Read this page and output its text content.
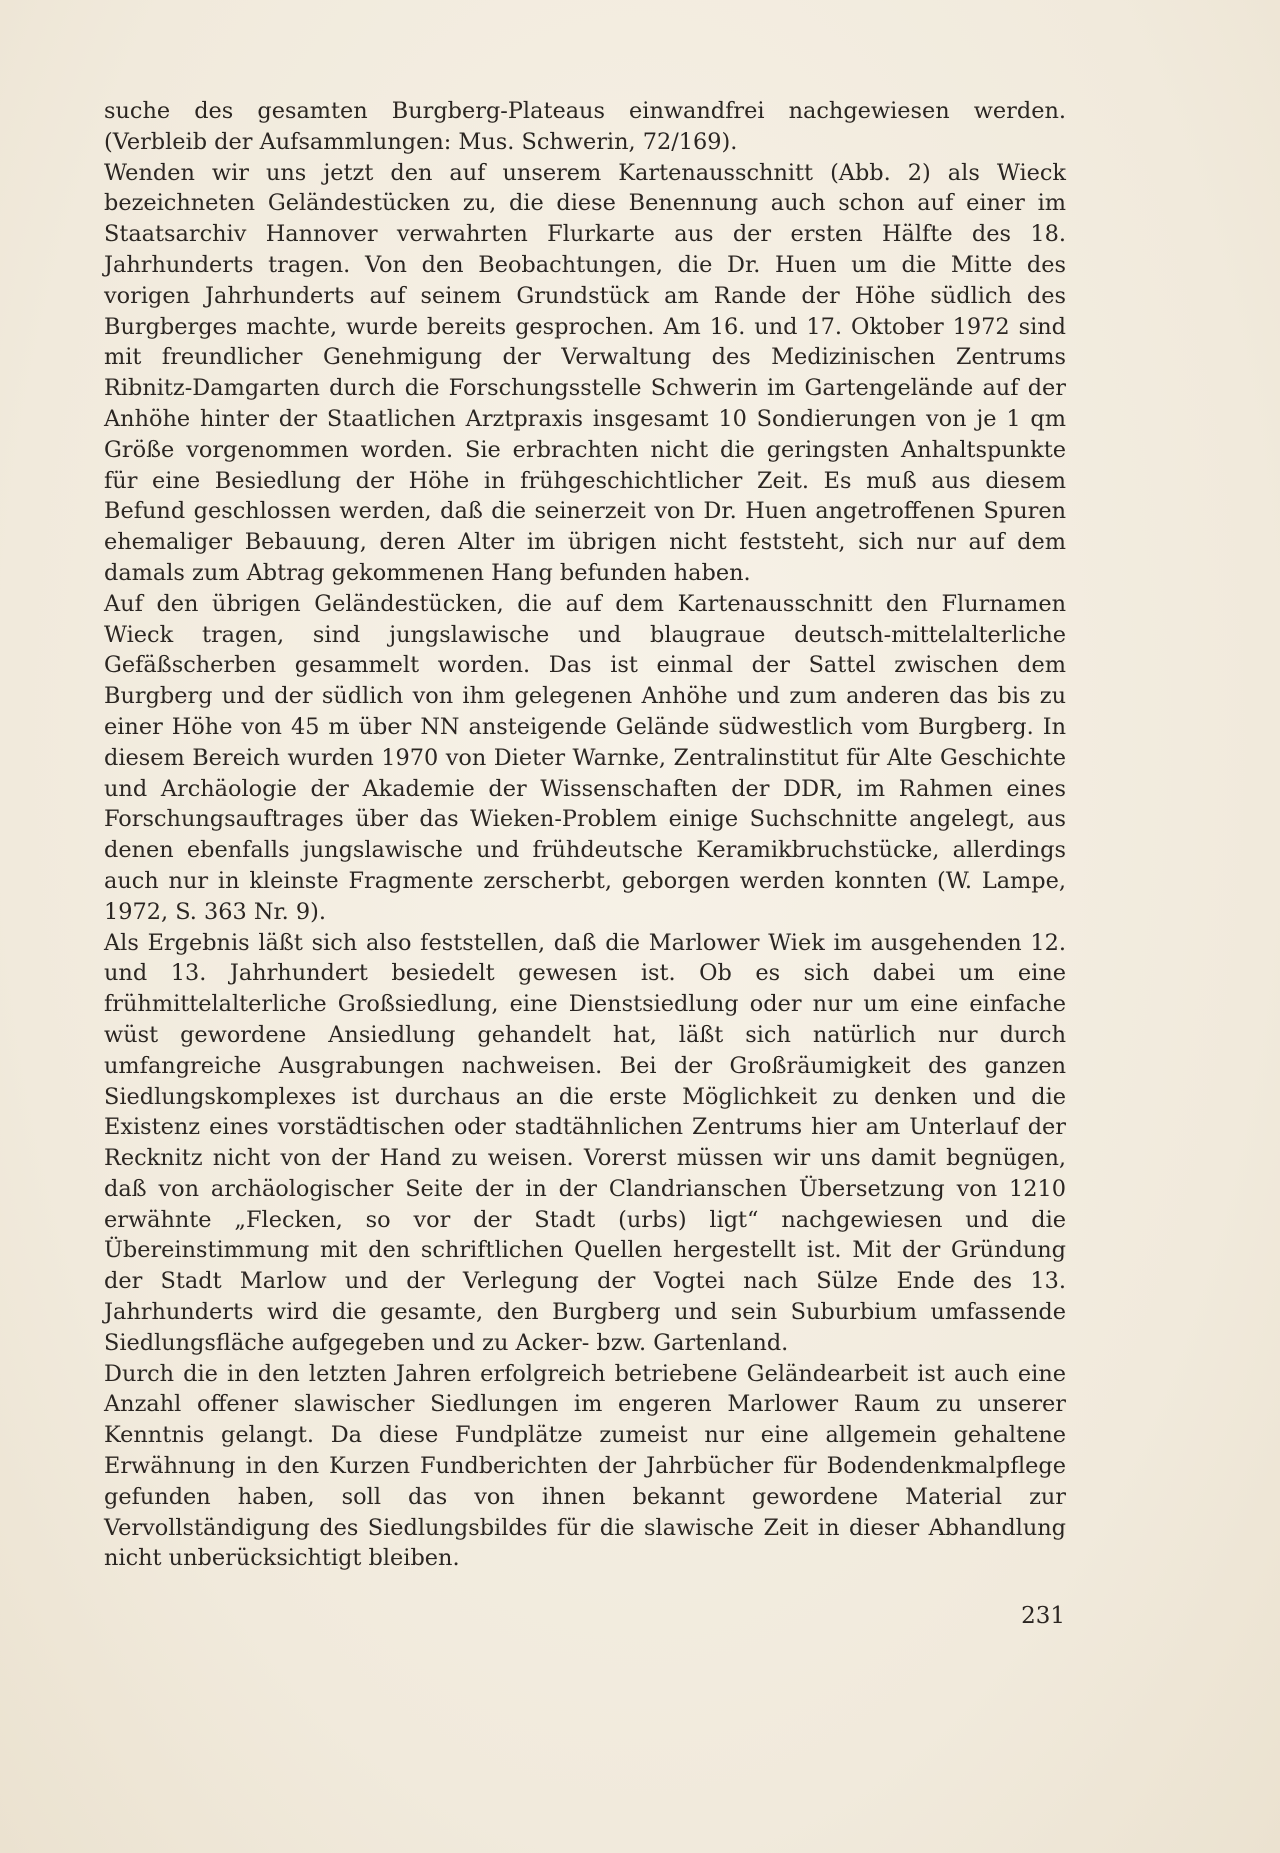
suche des gesamten Burgberg-Plateaus einwandfrei nachgewiesen werden. (Verbleib der Aufsammlungen: Mus. Schwerin, 72/169).

Wenden wir uns jetzt den auf unserem Kartenausschnitt (Abb. 2) als Wieck bezeichneten Geländestücken zu, die diese Benennung auch schon auf einer im Staatsarchiv Hannover verwahrten Flurkarte aus der ersten Hälfte des 18. Jahrhunderts tragen. Von den Beobachtungen, die Dr. Huen um die Mitte des vorigen Jahrhunderts auf seinem Grundstück am Rande der Höhe südlich des Burgberges machte, wurde bereits gesprochen. Am 16. und 17. Oktober 1972 sind mit freundlicher Genehmigung der Verwaltung des Medizinischen Zentrums Ribnitz-Damgarten durch die Forschungsstelle Schwerin im Gartengelände auf der Anhöhe hinter der Staatlichen Arztpraxis insgesamt 10 Sondierungen von je 1 qm Größe vorgenommen worden. Sie erbrachten nicht die geringsten Anhaltspunkte für eine Besiedlung der Höhe in frühgeschichtlicher Zeit. Es muß aus diesem Befund geschlossen werden, daß die seinerzeit von Dr. Huen angetroffenen Spuren ehemaliger Bebauung, deren Alter im übrigen nicht feststeht, sich nur auf dem damals zum Abtrag gekommenen Hang befunden haben.

Auf den übrigen Geländestücken, die auf dem Kartenausschnitt den Flurnamen Wieck tragen, sind jungslawische und blaugraue deutsch-mittelalterliche Gefäßscherben gesammelt worden. Das ist einmal der Sattel zwischen dem Burgberg und der südlich von ihm gelegenen Anhöhe und zum anderen das bis zu einer Höhe von 45 m über NN ansteigende Gelände südwestlich vom Burgberg. In diesem Bereich wurden 1970 von Dieter Warnke, Zentralinstitut für Alte Geschichte und Archäologie der Akademie der Wissenschaften der DDR, im Rahmen eines Forschungsauftrages über das Wieken-Problem einige Suchschnitte angelegt, aus denen ebenfalls jungslawische und frühdeutsche Keramikbruchstücke, allerdings auch nur in kleinste Fragmente zerscherbt, geborgen werden konnten (W. Lampe, 1972, S. 363 Nr. 9).

Als Ergebnis läßt sich also feststellen, daß die Marlower Wiek im ausgehenden 12. und 13. Jahrhundert besiedelt gewesen ist. Ob es sich dabei um eine frühmittelalterliche Großsiedlung, eine Dienstsiedlung oder nur um eine einfache wüst gewordene Ansiedlung gehandelt hat, läßt sich natürlich nur durch umfangreiche Ausgrabungen nachweisen. Bei der Großräumigkeit des ganzen Siedlungskomplexes ist durchaus an die erste Möglichkeit zu denken und die Existenz eines vorstädtischen oder stadtähnlichen Zentrums hier am Unterlauf der Recknitz nicht von der Hand zu weisen. Vorerst müssen wir uns damit begnügen, daß von archäologischer Seite der in der Clandrianschen Übersetzung von 1210 erwähnte „Flecken, so vor der Stadt (urbs) ligt“ nachgewiesen und die Übereinstimmung mit den schriftlichen Quellen hergestellt ist. Mit der Gründung der Stadt Marlow und der Verlegung der Vogtei nach Sülze Ende des 13. Jahrhunderts wird die gesamte, den Burgberg und sein Suburbium umfassende Siedlungsfläche aufgegeben und zu Acker- bzw. Gartenland.

Durch die in den letzten Jahren erfolgreich betriebene Geländearbeit ist auch eine Anzahl offener slawischer Siedlungen im engeren Marlower Raum zu unserer Kenntnis gelangt. Da diese Fundplätze zumeist nur eine allgemein gehaltene Erwähnung in den Kurzen Fundberichten der Jahrbücher für Bodendenkmalpflege gefunden haben, soll das von ihnen bekannt gewordene Material zur Vervollständigung des Siedlungsbildes für die slawische Zeit in dieser Abhandlung nicht unberücksichtigt bleiben.

231
